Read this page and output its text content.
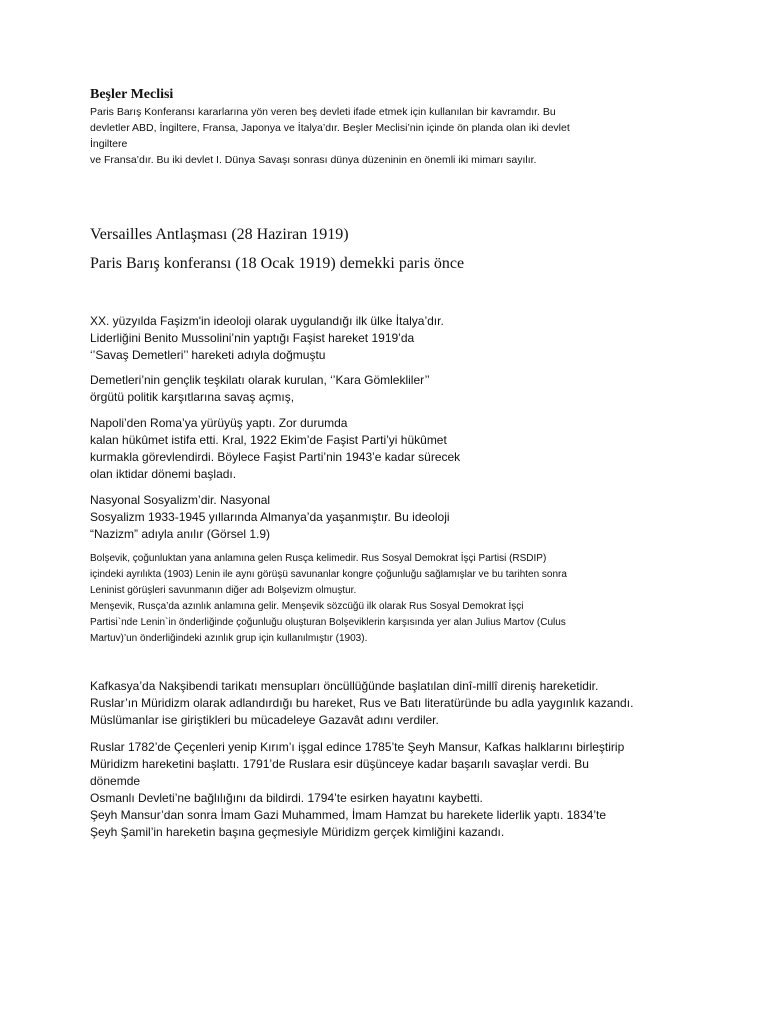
Beşler Meclisi
Paris Barış Konferansı kararlarına yön veren beş devleti ifade etmek için kullanılan bir kavramdır. Bu
devletler ABD, İngiltere, Fransa, Japonya ve İtalya’dır. Beşler Meclisi’nin içinde ön planda olan iki devlet
İngiltere
ve Fransa’dır. Bu iki devlet I. Dünya Savaşı sonrası dünya düzeninin en önemli iki mimarı sayılır.
Versailles Antlaşması (28 Haziran 1919)
Paris Barış konferansı (18 Ocak 1919) demekki paris önce
XX. yüzyılda Faşizm'in ideoloji olarak uygulandığı ilk ülke İtalya’dır.
Liderliğini Benito Mussolini’nin yaptığı Faşist hareket 1919’da
‘’Savaş Demetleri’’ hareketi adıyla doğmuştu
Demetleri’nin gençlik teşkilatı olarak kurulan, ‘’Kara Gömlekliler’’
örgütü politik karşıtlarına savaş açmış,
Napoli’den Roma’ya yürüyüş yaptı. Zor durumda
kalan hükûmet istifa etti. Kral, 1922 Ekim’de Faşist Parti’yi hükûmet
kurmakla görevlendirdi. Böylece Faşist Parti’nin 1943’e kadar sürecek
olan iktidar dönemi başladı.
Nasyonal Sosyalizm’dir. Nasyonal
Sosyalizm 1933-1945 yıllarında Almanya’da yaşanmıştır. Bu ideoloji
“Nazizm” adıyla anılır (Görsel 1.9)
Bolşevik, çoğunluktan yana anlamına gelen Rusça kelimedir. Rus Sosyal Demokrat İşçi Partisi (RSDIP)
içindeki ayrılıkta (1903) Lenin ile aynı görüşü savunanlar kongre çoğunluğu sağlamışlar ve bu tarihten sonra
Leninist görüşleri savunmanın diğer adı Bolşevizm olmuştur.
Menşevik, Rusça’da azınlık anlamına gelir. Menşevik sözcüğü ilk olarak Rus Sosyal Demokrat İşçi
Partisi`nde Lenin`in önderliğinde çoğunluğu oluşturan Bolşeviklerin karşısında yer alan Julius Martov (Culus
Martuv)’un önderliğindeki azınlık grup için kullanılmıştır (1903).
Kafkasya’da Nakşibendi tarikatı mensupları öncüllüğünde başlatılan dinî-millî direniş hareketidir.
Ruslar’ın Müridizm olarak adlandırdığı bu hareket, Rus ve Batı literatüründe bu adla yaygınlık kazandı.
Müslümanlar ise giriştikleri bu mücadeleye Gazavât adını verdiler.
Ruslar 1782’de Çeçenleri yenip Kırım’ı işgal edince 1785’te Şeyh Mansur, Kafkas halklarını birleştirip
Müridizm hareketini başlattı. 1791’de Ruslara esir düşünceye kadar başarılı savaşlar verdi. Bu
dönemde
Osmanlı Devleti’ne bağlılığını da bildirdi. 1794’te esirken hayatını kaybetti.
Şeyh Mansur’dan sonra İmam Gazi Muhammed, İmam Hamzat bu harekete liderlik yaptı. 1834’te
Şeyh Şamil’in hareketin başına geçmesiyle Müridizm gerçek kimliğini kazandı.
